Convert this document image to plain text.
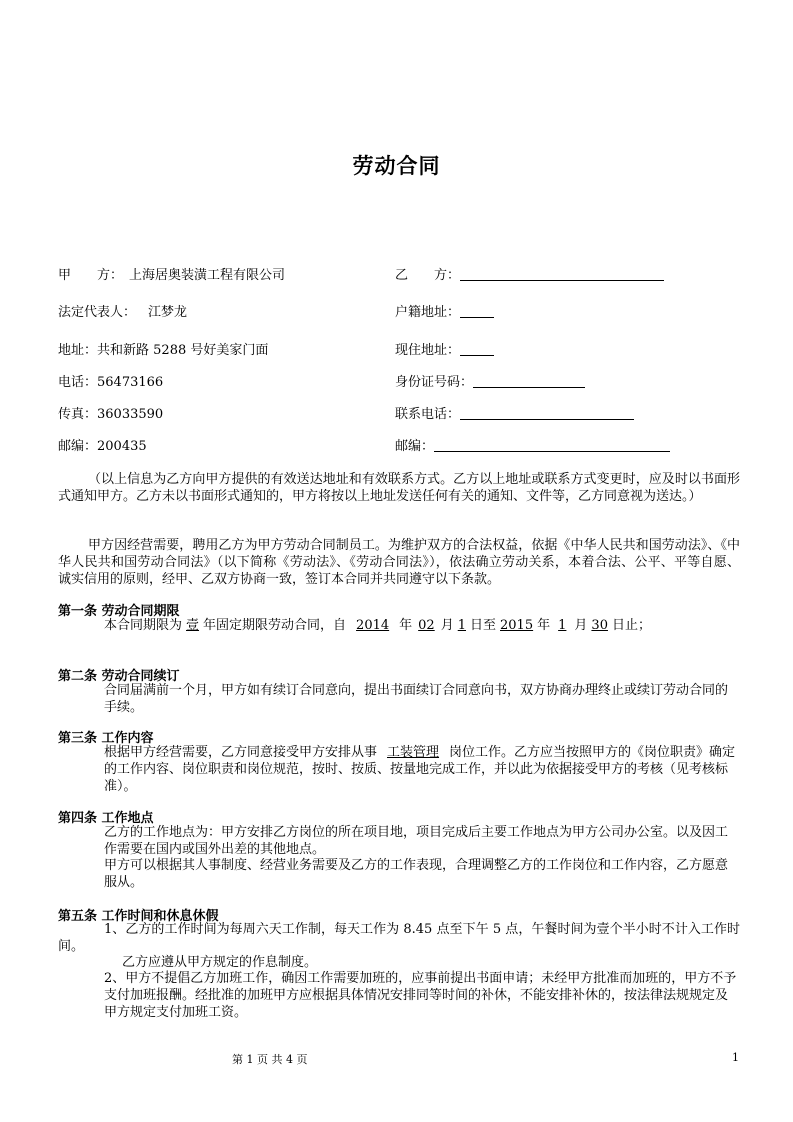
劳动合同
甲　　方： 上海居奥装潢工程有限公司	乙　　方：
法定代表人： 江梦龙	户籍地址：
地址：共和新路 5288 号好美家门面	现住地址：
电话：56473166	身份证号码：
传真：36033590	联系电话：
邮编：200435	邮编：
（以上信息为乙方向甲方提供的有效送达地址和有效联系方式。乙方以上地址或联系方式变更时，应及时以书面形式通知甲方。乙方未以书面形式通知的，甲方将按以上地址发送任何有关的通知、文件等，乙方同意视为送达。）
甲方因经营需要，聘用乙方为甲方劳动合同制员工。为维护双方的合法权益，依据《中华人民共和国劳动法》、《中华人民共和国劳动合同法》（以下简称《劳动法》、《劳动合同法》），依法确立劳动关系，本着合法、公平、平等自愿、诚实信用的原则，经甲、乙双方协商一致，签订本合同并共同遵守以下条款。
第一条 劳动合同期限
本合同期限为 壹 年固定期限劳动合同，自 2014 年 02 月 1 日至 2015 年 1 月 30 日止；
第二条 劳动合同续订
合同届满前一个月，甲方如有续订合同意向，提出书面续订合同意向书，双方协商办理终止或续订劳动合同的手续。
第三条 工作内容
根据甲方经营需要，乙方同意接受甲方安排从事 工装管理 岗位工作。乙方应当按照甲方的《岗位职责》确定的工作内容、岗位职责和岗位规范，按时、按质、按量地完成工作，并以此为依据接受甲方的考核（见考核标准）。
第四条 工作地点
乙方的工作地点为：甲方安排乙方岗位的所在项目地，项目完成后主要工作地点为甲方公司办公室。以及因工作需要在国内或国外出差的其他地点。
甲方可以根据其人事制度、经营业务需要及乙方的工作表现，合理调整乙方的工作岗位和工作内容，乙方愿意服从。
第五条 工作时间和休息休假
1、乙方的工作时间为每周六天工作制，每天工作为 8.45 点至下午 5 点，午餐时间为壹个半小时不计入工作时间。
乙方应遵从甲方规定的作息制度。
2、甲方不提倡乙方加班工作，确因工作需要加班的，应事前提出书面申请；未经甲方批准而加班的，甲方不予支付加班报酬。经批准的加班甲方应根据具体情况安排同等时间的补休，不能安排补休的，按法律法规规定及甲方规定支付加班工资。
第 1 页 共 4 页	1
